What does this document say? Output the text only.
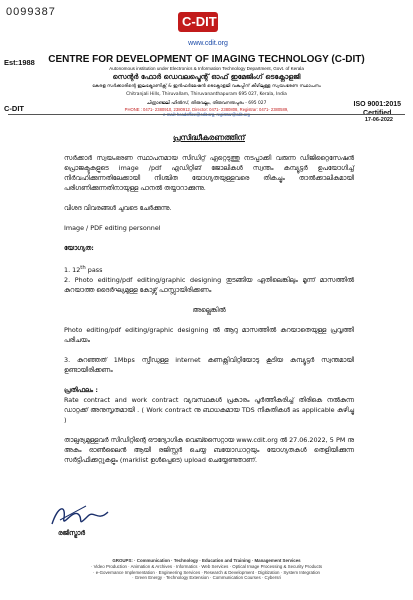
0099387
C-DIT
www.cdit.org
Est:1988	CENTRE FOR DEVELOPMENT OF IMAGING TECHNOLOGY (C-DIT)
Autonomous institution under Electronics & Information Technology Department, Govt. of Kerala
സെന്റർ ഫോർ ഡെവലപ്മെന്റ് ഓഫ് ഇമേജിംഗ് ടെക്നോളജി
കേരള സർക്കാരിന്റെ ഇലക്ട്രോണിക്സ് & ഇൻഫർമേഷൻ ടെക്നോളജി വകുപ്പിന് കീഴിലുള്ള സ്വയംഭരണ സ്ഥാപനം
Chitranjali Hills, Thiruvallam, Thiruvananthapuram 695 027, Kerala, India
ചിത്രാഞ്ജലി ഹിൽസ്, തിരുവല്ലം, തിരുവനന്തപുരം - 695 027
PHONE : 0471- 2380910, 2380912, Director: 0471- 2380808, Registrar: 0471- 2380589,
C-DIT	ISO 9001:2015
17-06-2022
പ്രസിദ്ധീകരണത്തിന്
സർക്കാർ സ്വയംഭരണ സ്ഥാപനമായ സിഡിറ്റ് ഏറ്റെടുത്തു നടപ്പാക്കി വരുന്ന ഡിജിറ്റൈസേഷൻ പ്രൊജക്ടുകളുടെ image /pdf എഡിറ്റിങ് ജോലികൾ സ്വന്തം കമ്പ്യൂട്ടർ ഉപയോഗിച്ച് നിർവഹിക്കുന്നതിലേക്കായി നിശ്ചിത യോഗ്യതയുള്ളവരെ തികച്ചും താൽക്കാലികമായി പരിഗണിക്കുന്നതിനായുള്ള പാനൽ തയ്യാറാക്കുന്നു.
വിശദ വിവരങ്ങൾ ചുവടെ ചേർക്കുന്നു.
Image / PDF editing personnel
യോഗ്യത:
1. 12th pass
2. Photo editing/pdf editing/graphic designing തുടങ്ങിയ ഏതിലെങ്കിലും മൂന്ന് മാസത്തിൽ കുറയാത്ത ദൈർഘ്യമുള്ള കോഴ്സ് പാസ്സായിരിക്കണം
അല്ലെങ്കിൽ
Photo editing/pdf editing/graphic designing ൽ ആറു മാസത്തിൽ കുറയാതെയുള്ള പ്രവൃത്തി പരിചയം
3. കുറഞ്ഞത് 1Mbps സ്പീഡുള്ള internet കണക്റ്റിവിറ്റിയോടു കൂടിയ കമ്പ്യൂട്ടർ സ്വന്തമായി ഉണ്ടായിരിക്കണം
പ്രതിഫലം :
Rate contract and work contract വ്യവസ്ഥകൾ പ്രകാരം പൂർത്തീകരിച്ച് തിരികെ നൽകുന്ന ഡാറ്റക്ക് അനുസൃതമായി . ( Work contract നു ബാധകമായ TDS നികുതികൾ as applicable കഴിച്ചു )
താല്പര്യമുള്ളവർ സിഡിറ്റിന്റെ ഔദ്യോഗിക വെബ്സൈറ്റായ www.cdit.org ൽ 27.06.2022, 5 PM നു അകം ഓൺലൈൻ ആയി രജിസ്റ്റർ ചെയ്യ ബയോഡാറ്റയും യോഗ്യതകൾ തെളിയിക്കുന്ന സർട്ടിഫിക്കറ്റുകളും (marklist ഉൾപ്പെടെ) upload ചെയ്യേണ്ടതാണ്.
രജിസ്ട്രാർ
GROUPS: · Communication · Technology · Education and Training · Management Services
· Video Production · Animation & Archives · Informatics · Web Services · Optical Image Processing & Security Products
· e-Governance Implementation · Engineering Services · Research & Development · Digitization · System Integration
· Green Energy · Technology Extension · Communication Courses · Cybersri
